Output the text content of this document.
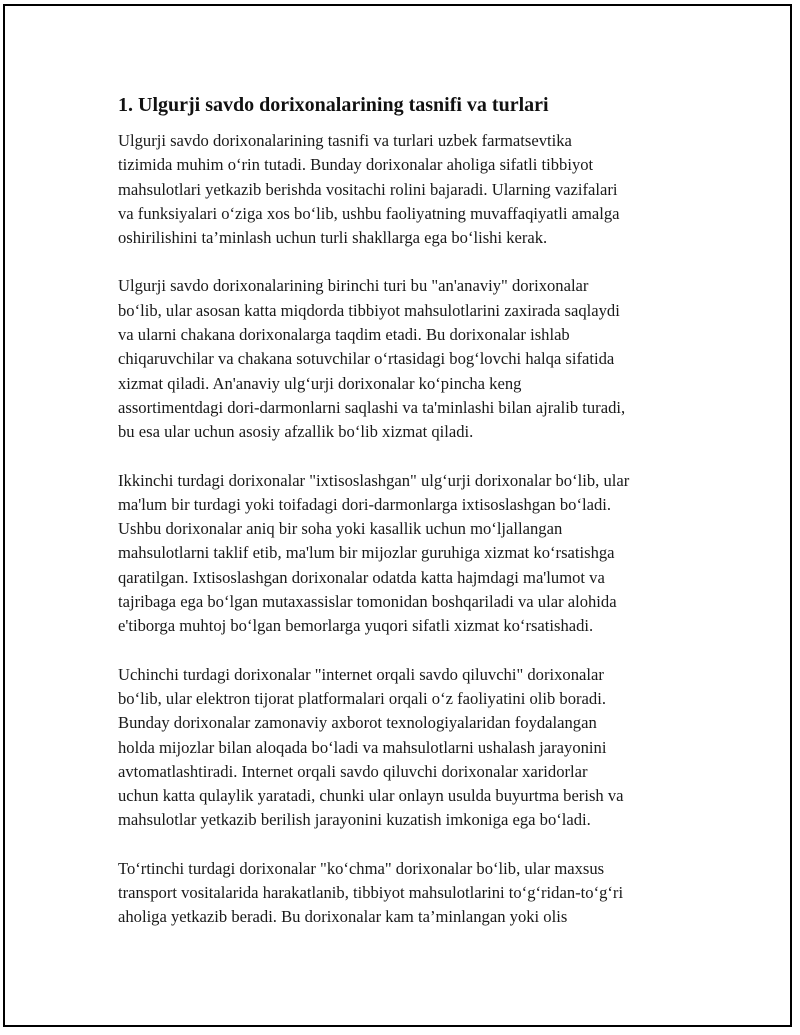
1. Ulgurji savdo dorixonalarining tasnifi va turlari

Ulgurji savdo dorixonalarining tasnifi va turlari uzbek farmatsevtika
tizimida muhim o‘rin tutadi. Bunday dorixonalar aholiga sifatli tibbiyot
mahsulotlari yetkazib berishda vositachi rolini bajaradi. Ularning vazifalari
va funksiyalari o‘ziga xos bo‘lib, ushbu faoliyatning muvaffaqiyatli amalga
oshirilishini ta’minlash uchun turli shakllarga ega bo‘lishi kerak.

Ulgurji savdo dorixonalarining birinchi turi bu "an'anaviy" dorixonalar
bo‘lib, ular asosan katta miqdorda tibbiyot mahsulotlarini zaxirada saqlaydi
va ularni chakana dorixonalarga taqdim etadi. Bu dorixonalar ishlab
chiqaruvchilar va chakana sotuvchilar o‘rtasidagi bog‘lovchi halqa sifatida
xizmat qiladi. An'anaviy ulg‘urji dorixonalar ko‘pincha keng
assortimentdagi dori-darmonlarni saqlashi va ta'minlashi bilan ajralib turadi,
bu esa ular uchun asosiy afzallik bo‘lib xizmat qiladi.

Ikkinchi turdagi dorixonalar "ixtisoslashgan" ulg‘urji dorixonalar bo‘lib, ular
ma'lum bir turdagi yoki toifadagi dori-darmonlarga ixtisoslashgan bo‘ladi.
Ushbu dorixonalar aniq bir soha yoki kasallik uchun mo‘ljallangan
mahsulotlarni taklif etib, ma'lum bir mijozlar guruhiga xizmat ko‘rsatishga
qaratilgan. Ixtisoslashgan dorixonalar odatda katta hajmdagi ma'lumot va
tajribaga ega bo‘lgan mutaxassislar tomonidan boshqariladi va ular alohida
e'tiborga muhtoj bo‘lgan bemorlarga yuqori sifatli xizmat ko‘rsatishadi.

Uchinchi turdagi dorixonalar "internet orqali savdo qiluvchi" dorixonalar
bo‘lib, ular elektron tijorat platformalari orqali o‘z faoliyatini olib boradi.
Bunday dorixonalar zamonaviy axborot texnologiyalaridan foydalangan
holda mijozlar bilan aloqada bo‘ladi va mahsulotlarni ushalash jarayonini
avtomatlashtiradi. Internet orqali savdo qiluvchi dorixonalar xaridorlar
uchun katta qulaylik yaratadi, chunki ular onlayn usulda buyurtma berish va
mahsulotlar yetkazib berilish jarayonini kuzatish imkoniga ega bo‘ladi.

To‘rtinchi turdagi dorixonalar "ko‘chma" dorixonalar bo‘lib, ular maxsus
transport vositalarida harakatlanib, tibbiyot mahsulotlarini to‘g‘ridan-to‘g‘ri
aholiga yetkazib beradi. Bu dorixonalar kam ta’minlangan yoki olis
